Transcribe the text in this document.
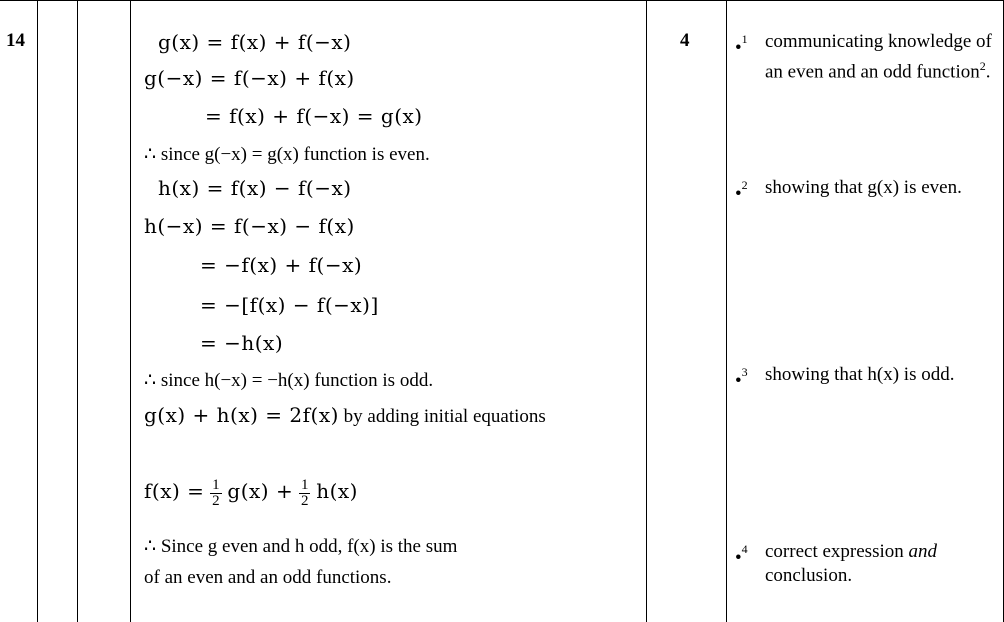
14	4
g(x) = f(x) + f(−x)
g(−x) = f(−x) + f(x)
= f(x) + f(−x) = g(x)
∴ since g(−x) = g(x) function is even.
h(x) = f(x) − f(−x)
h(−x) = f(−x) − f(x)
= −f(x) + f(−x)
= −[f(x) − f(−x)]
= −h(x)
∴ since h(−x) = −h(x) function is odd.
g(x) + h(x) = 2f(x) by adding initial equations
$f(x) = \frac{1}{2} g(x) + \frac{1}{2} h(x)$
∴ Since g even and h odd, f(x) is the sum
of an even and an odd functions.
•$^1$ communicating knowledge of an even and an odd function$^2$.
•$^2$ showing that g(x) is even.
•$^3$ showing that h(x) is odd.
•$^4$ correct expression and conclusion.
